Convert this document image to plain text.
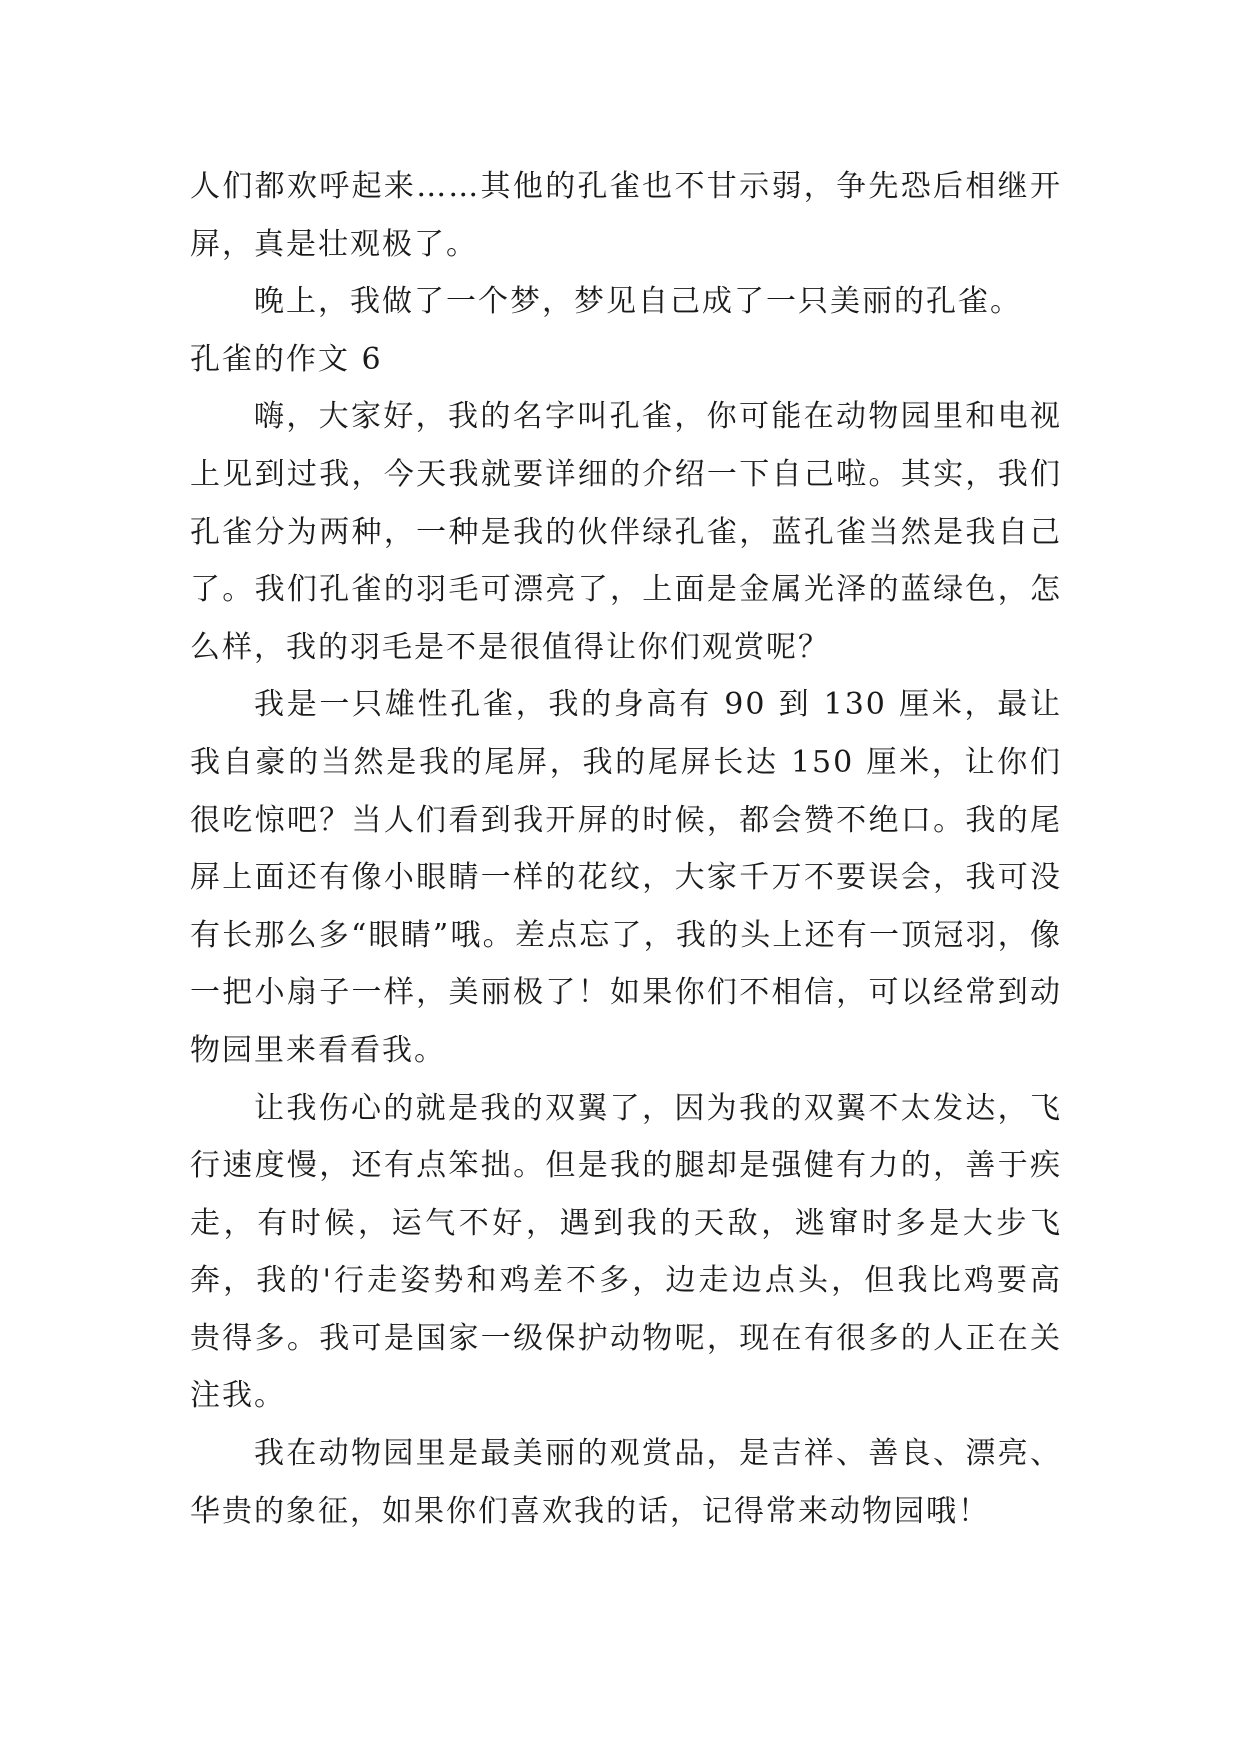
人们都欢呼起来……其他的孔雀也不甘示弱，争先恐后相继开屏，真是壮观极了。

晚上，我做了一个梦，梦见自己成了一只美丽的孔雀。

孔雀的作文 6

嗨，大家好，我的名字叫孔雀，你可能在动物园里和电视上见到过我，今天我就要详细的介绍一下自己啦。其实，我们孔雀分为两种，一种是我的伙伴绿孔雀，蓝孔雀当然是我自己了。我们孔雀的羽毛可漂亮了，上面是金属光泽的蓝绿色，怎么样，我的羽毛是不是很值得让你们观赏呢？

我是一只雄性孔雀，我的身高有 90 到 130 厘米，最让我自豪的当然是我的尾屏，我的尾屏长达 150 厘米，让你们很吃惊吧？当人们看到我开屏的时候，都会赞不绝口。我的尾屏上面还有像小眼睛一样的花纹，大家千万不要误会，我可没有长那么多“眼睛”哦。差点忘了，我的头上还有一顶冠羽，像一把小扇子一样，美丽极了！如果你们不相信，可以经常到动物园里来看看我。

让我伤心的就是我的双翼了，因为我的双翼不太发达，飞行速度慢，还有点笨拙。但是我的腿却是强健有力的，善于疾走，有时候，运气不好，遇到我的天敌，逃窜时多是大步飞奔，我的'行走姿势和鸡差不多，边走边点头，但我比鸡要高贵得多。我可是国家一级保护动物呢，现在有很多的人正在关注我。

我在动物园里是最美丽的观赏品，是吉祥、善良、漂亮、华贵的象征，如果你们喜欢我的话，记得常来动物园哦！
